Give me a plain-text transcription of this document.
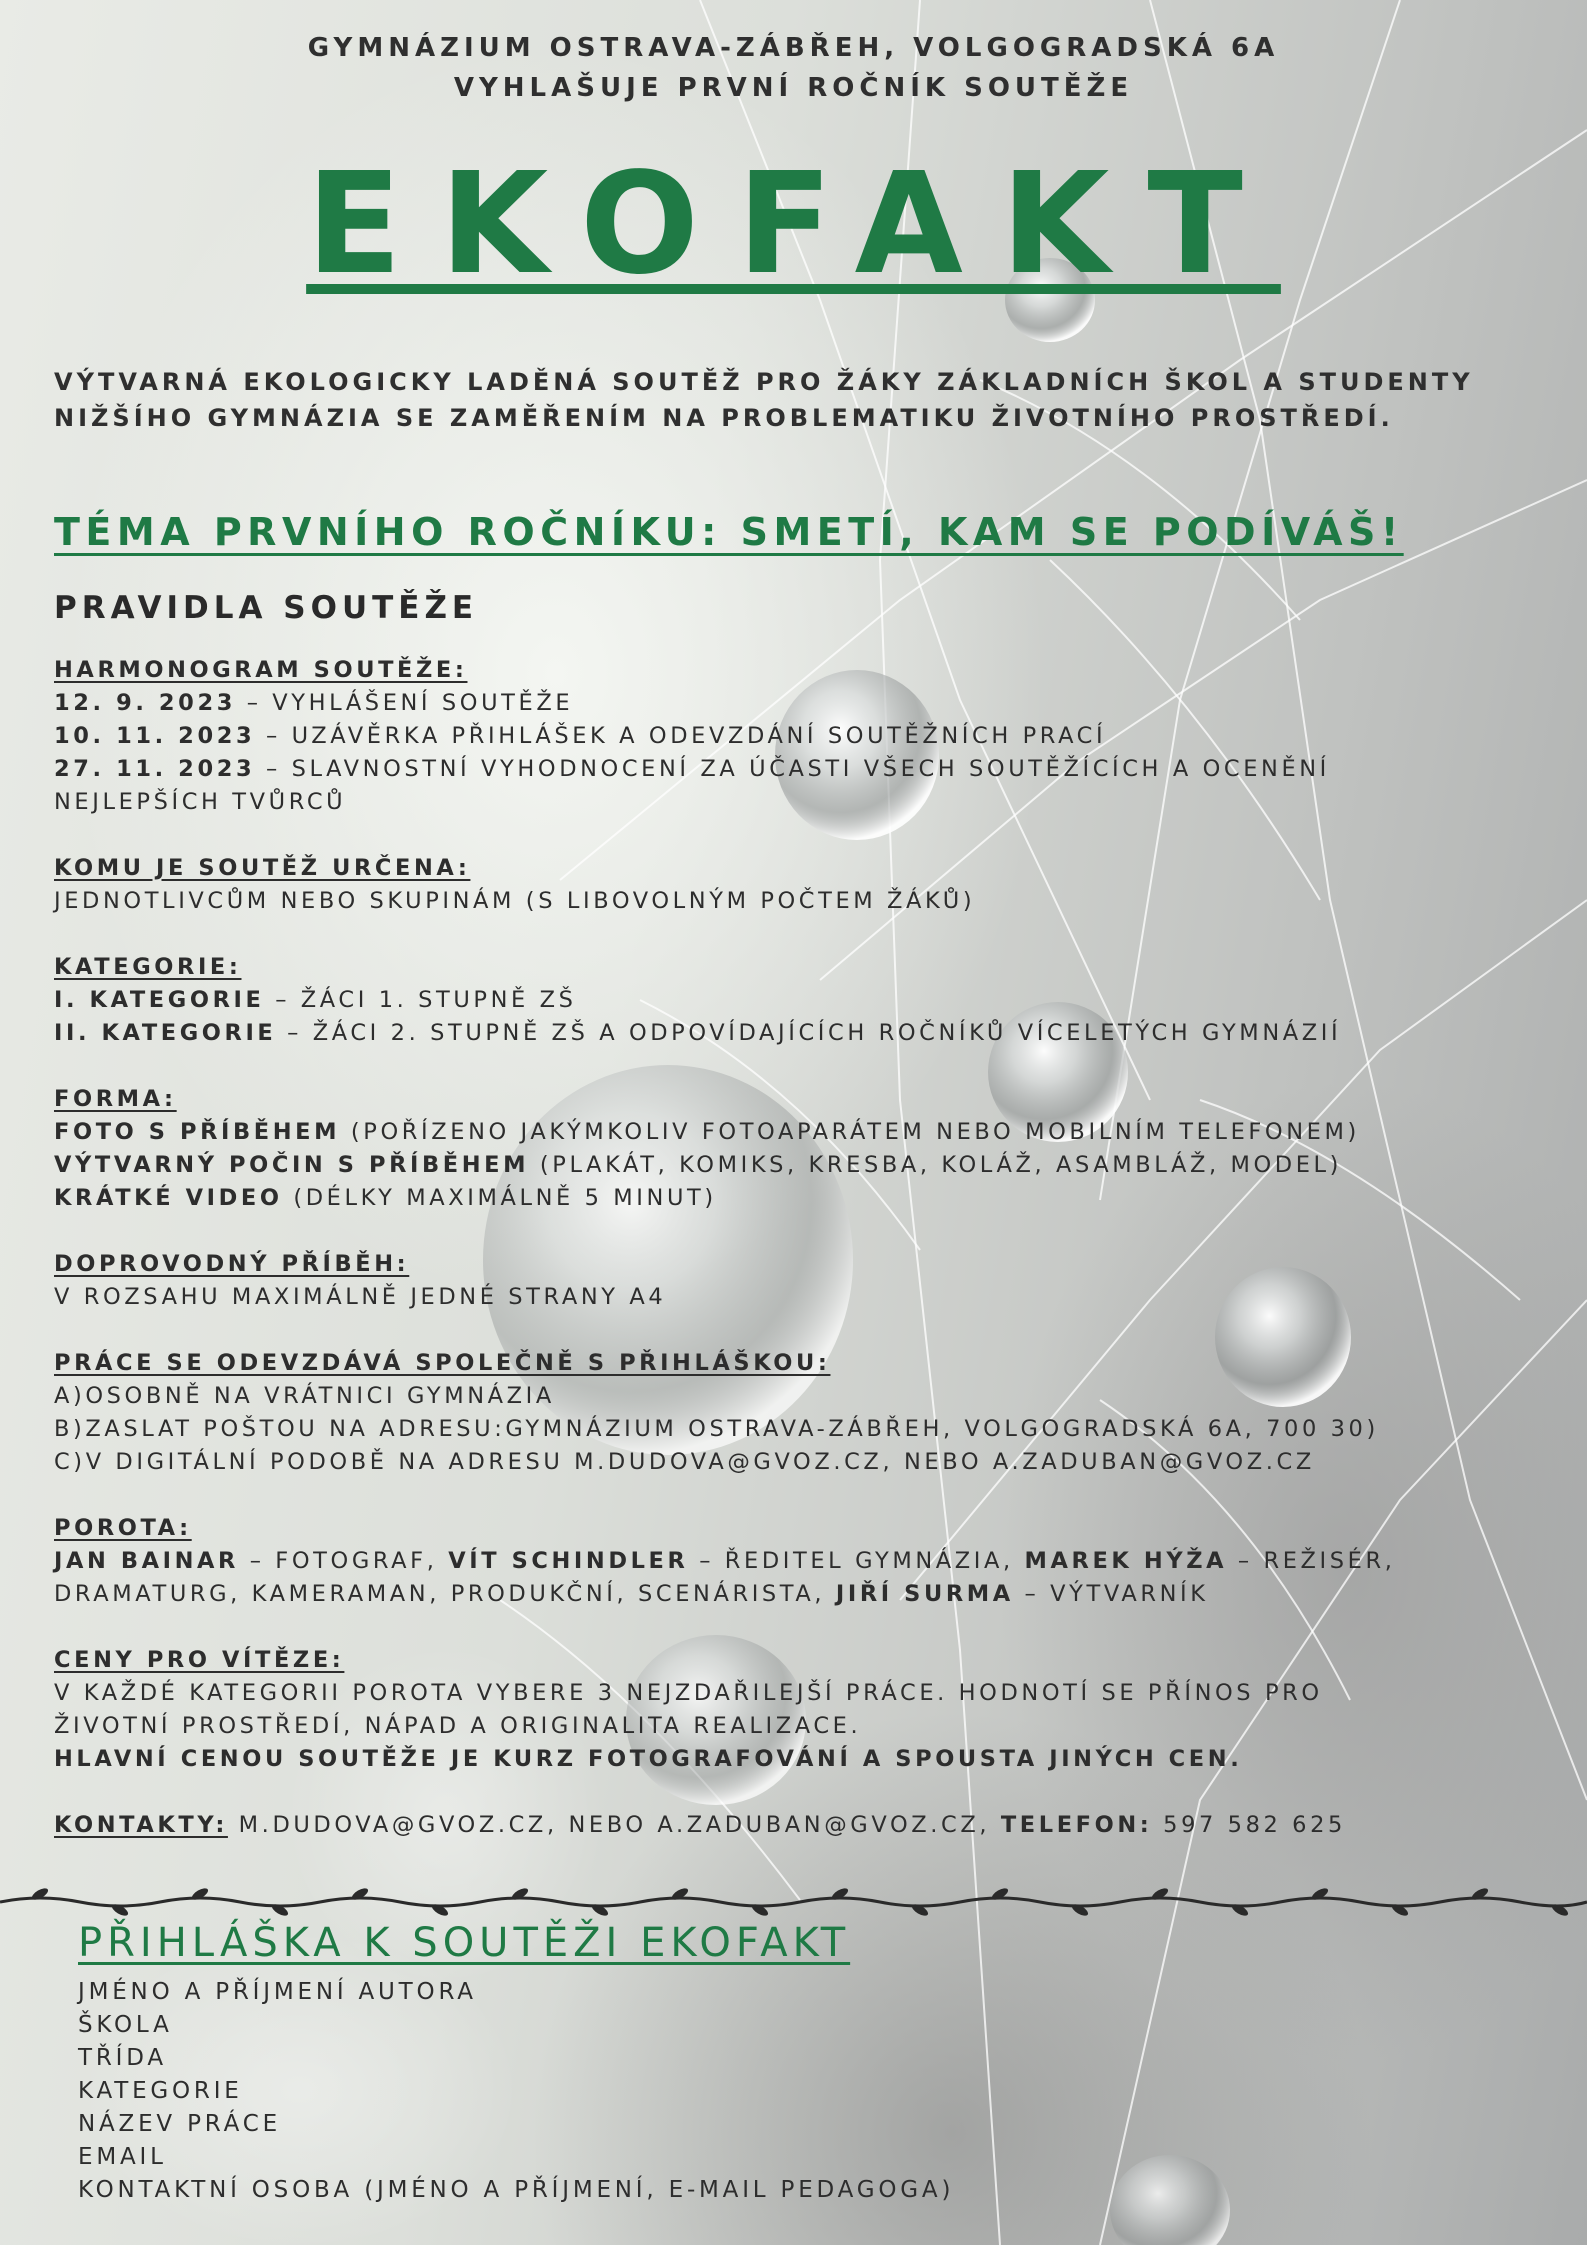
GYMNÁZIUM OSTRAVA-ZÁBŘEH, VOLGOGRADSKÁ 6A
VYHLAŠUJE PRVNÍ ROČNÍK SOUTĚŽE
EKOFAKT
VÝTVARNÁ EKOLOGICKY LADĚNÁ SOUTĚŽ PRO ŽÁKY ZÁKLADNÍCH ŠKOL A STUDENTY NIŽŠÍHO GYMNÁZIA SE ZAMĚŘENÍM NA PROBLEMATIKU ŽIVOTNÍHO PROSTŘEDÍ.
TÉMA PRVNÍHO ROČNÍKU: SMETÍ, KAM SE PODÍVÁŠ!
PRAVIDLA SOUTĚŽE
HARMONOGRAM SOUTĚŽE:
12. 9. 2023 – VYHLÁŠENÍ SOUTĚŽE
10. 11. 2023 – UZÁVĚRKA PŘIHLÁŠEK A ODEVZDÁNÍ SOUTĚŽNÍCH PRACÍ
27. 11. 2023 – SLAVNOSTNÍ VYHODNOCENÍ ZA ÚČASTI VŠECH SOUTĚŽÍCÍCH A OCENĚNÍ
NEJLEPŠÍCH TVŮRCŮ
KOMU JE SOUTĚŽ URČENA:
JEDNOTLIVCŮM NEBO SKUPINÁM (S LIBOVOLNÝM POČTEM ŽÁKŮ)
KATEGORIE:
I. KATEGORIE – ŽÁCI 1. STUPNĚ ZŠ
II. KATEGORIE – ŽÁCI 2. STUPNĚ ZŠ A ODPOVÍDAJÍCÍCH ROČNÍKŮ VÍCELETÝCH GYMNÁZIÍ
FORMA:
FOTO S PŘÍBĚHEM (POŘÍZENO JAKÝMKOLIV FOTOAPARÁTEM NEBO MOBILNÍM TELEFONEM)
VÝTVARNÝ POČIN S PŘÍBĚHEM (PLAKÁT, KOMIKS, KRESBA, KOLÁŽ, ASAMBLÁŽ, MODEL)
KRÁTKÉ VIDEO (DÉLKY MAXIMÁLNĚ 5 MINUT)
DOPROVODNÝ PŘÍBĚH:
V ROZSAHU MAXIMÁLNĚ JEDNÉ STRANY A4
PRÁCE SE ODEVZDÁVÁ SPOLEČNĚ S PŘIHLÁŠKOU:
A)OSOBNĚ NA VRÁTNICI GYMNÁZIA
B)ZASLAT POŠTOU NA ADRESU:GYMNÁZIUM OSTRAVA-ZÁBŘEH, VOLGOGRADSKÁ 6A, 700 30)
C)V DIGITÁLNÍ PODOBĚ NA ADRESU M.DUDOVA@GVOZ.CZ, NEBO A.ZADUBAN@GVOZ.CZ
POROTA:
JAN BAINAR – FOTOGRAF, VÍT SCHINDLER – ŘEDITEL GYMNÁZIA, MAREK HÝŽA – REŽISÉR,
DRAMATURG, KAMERAMAN, PRODUKČNÍ, SCENÁRISTA, JIŘÍ SURMA – VÝTVARNÍK
CENY PRO VÍTĚZE:
V KAŽDÉ KATEGORII POROTA VYBERE 3 NEJZDAŘILEJŠÍ PRÁCE. HODNOTÍ SE PŘÍNOS PRO
ŽIVOTNÍ PROSTŘEDÍ, NÁPAD A ORIGINALITA REALIZACE.
HLAVNÍ CENOU SOUTĚŽE JE KURZ FOTOGRAFOVÁNÍ A SPOUSTA JINÝCH CEN.
KONTAKTY: M.DUDOVA@GVOZ.CZ, NEBO A.ZADUBAN@GVOZ.CZ, TELEFON: 597 582 625
PŘIHLÁŠKA K SOUTĚŽI EKOFAKT
JMÉNO A PŘÍJMENÍ AUTORA
ŠKOLA
TŘÍDA
KATEGORIE
NÁZEV PRÁCE
EMAIL
KONTAKTNÍ OSOBA (JMÉNO A PŘÍJMENÍ, E-MAIL PEDAGOGA)
